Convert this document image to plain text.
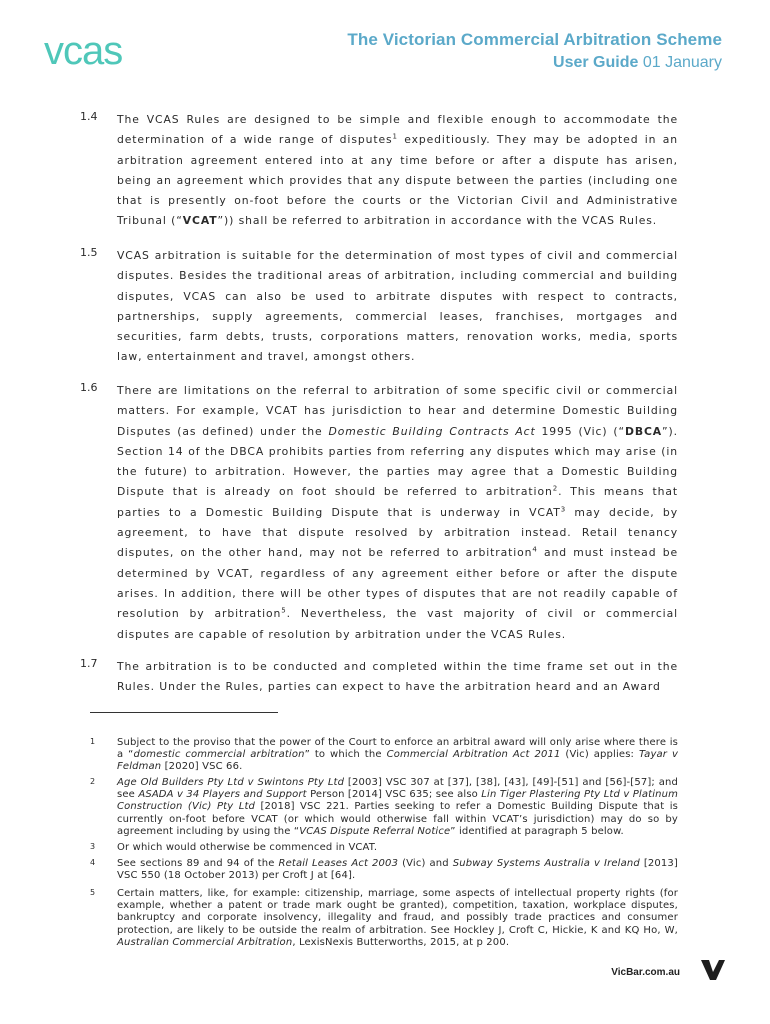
vcas	The Victorian Commercial Arbitration Scheme
User Guide 01 January
1.4 The VCAS Rules are designed to be simple and flexible enough to accommodate the determination of a wide range of disputes$^1$ expeditiously. They may be adopted in an arbitration agreement entered into at any time before or after a dispute has arisen, being an agreement which provides that any dispute between the parties (including one that is presently on-foot before the courts or the Victorian Civil and Administrative Tribunal (“VCAT”)) shall be referred to arbitration in accordance with the VCAS Rules.
1.5 VCAS arbitration is suitable for the determination of most types of civil and commercial disputes. Besides the traditional areas of arbitration, including commercial and building disputes, VCAS can also be used to arbitrate disputes with respect to contracts, partnerships, supply agreements, commercial leases, franchises, mortgages and securities, farm debts, trusts, corporations matters, renovation works, media, sports law, entertainment and travel, amongst others.
1.6 There are limitations on the referral to arbitration of some specific civil or commercial matters. For example, VCAT has jurisdiction to hear and determine Domestic Building Disputes (as defined) under the Domestic Building Contracts Act 1995 (Vic) (“DBCA”). Section 14 of the DBCA prohibits parties from referring any disputes which may arise (in the future) to arbitration. However, the parties may agree that a Domestic Building Dispute that is already on foot should be referred to arbitration$^2$. This means that parties to a Domestic Building Dispute that is underway in VCAT$^3$ may decide, by agreement, to have that dispute resolved by arbitration instead. Retail tenancy disputes, on the other hand, may not be referred to arbitration$^4$ and must instead be determined by VCAT, regardless of any agreement either before or after the dispute arises. In addition, there will be other types of disputes that are not readily capable of resolution by arbitration$^5$. Nevertheless, the vast majority of civil or commercial disputes are capable of resolution by arbitration under the VCAS Rules.
1.7 The arbitration is to be conducted and completed within the time frame set out in the Rules. Under the Rules, parties can expect to have the arbitration heard and an Award
1 Subject to the proviso that the power of the Court to enforce an arbitral award will only arise where there is a “domestic commercial arbitration” to which the Commercial Arbitration Act 2011 (Vic) applies: Tayar v Feldman [2020] VSC 66.
2 Age Old Builders Pty Ltd v Swintons Pty Ltd [2003] VSC 307 at [37], [38], [43], [49]-[51] and [56]-[57]; and see ASADA v 34 Players and Support Person [2014] VSC 635; see also Lin Tiger Plastering Pty Ltd v Platinum Construction (Vic) Pty Ltd [2018] VSC 221. Parties seeking to refer a Domestic Building Dispute that is currently on-foot before VCAT (or which would otherwise fall within VCAT’s jurisdiction) may do so by agreement including by using the “VCAS Dispute Referral Notice” identified at paragraph 5 below.
3 Or which would otherwise be commenced in VCAT.
4 See sections 89 and 94 of the Retail Leases Act 2003 (Vic) and Subway Systems Australia v Ireland [2013] VSC 550 (18 October 2013) per Croft J at [64].
5 Certain matters, like, for example: citizenship, marriage, some aspects of intellectual property rights (for example, whether a patent or trade mark ought be granted), competition, taxation, workplace disputes, bankruptcy and corporate insolvency, illegality and fraud, and possibly trade practices and consumer protection, are likely to be outside the realm of arbitration. See Hockley J, Croft C, Hickie, K and KQ Ho, W, Australian Commercial Arbitration, LexisNexis Butterworths, 2015, at p 200.
VicBar.com.au
VCAS at the Victorian Bar Inc.
Owen Dixon Chambers East, Level 5, 205 William Street Melbourne, VIC 3000
